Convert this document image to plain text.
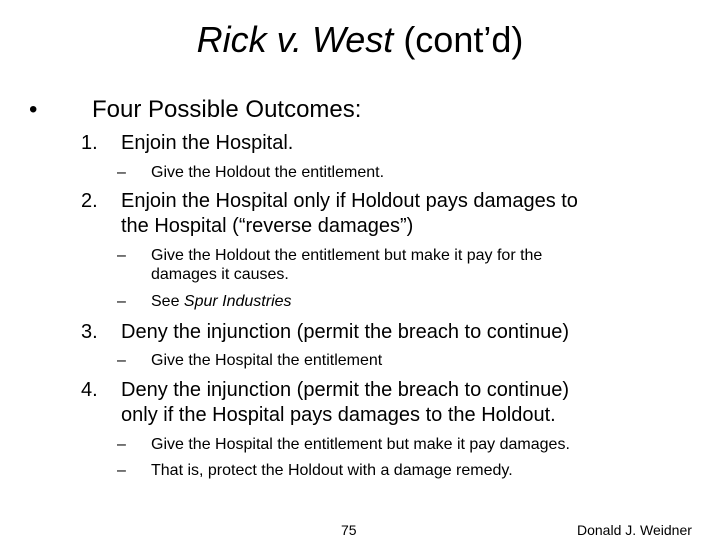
Rick v. West (cont’d)
• Four Possible Outcomes:
1. Enjoin the Hospital.
– Give the Holdout the entitlement.
2. Enjoin the Hospital only if Holdout pays damages to
the Hospital (“reverse damages”)
– Give the Holdout the entitlement but make it pay for the
damages it causes.
– See Spur Industries
3. Deny the injunction (permit the breach to continue)
– Give the Hospital the entitlement
4. Deny the injunction (permit the breach to continue)
only if the Hospital pays damages to the Holdout.
– Give the Hospital the entitlement but make it pay damages.
– That is, protect the Holdout with a damage remedy.
75	Donald J. Weidner
